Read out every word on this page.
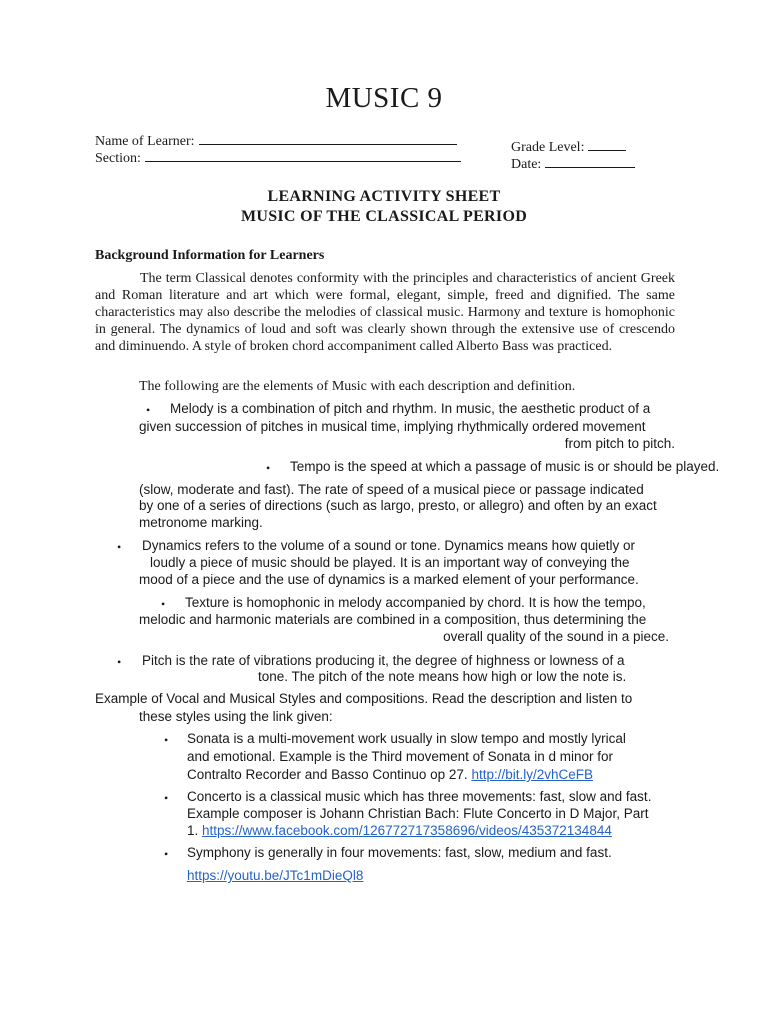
MUSIC 9
Name of Learner:
Section:
Grade Level:
Date:
LEARNING ACTIVITY SHEET
MUSIC OF THE CLASSICAL PERIOD
Background Information for Learners
The term Classical denotes conformity with the principles and characteristics of ancient Greek and Roman literature and art which were formal, elegant, simple, freed and dignified. The same characteristics may also describe the melodies of classical music. Harmony and texture is homophonic in general. The dynamics of loud and soft was clearly shown through the extensive use of crescendo and diminuendo. A style of broken chord accompaniment called Alberto Bass was practiced.
The following are the elements of Music with each description and definition.
• Melody is a combination of pitch and rhythm. In music, the aesthetic product of a
given succession of pitches in musical time, implying rhythmically ordered movement
from pitch to pitch.
• Tempo is the speed at which a passage of music is or should be played.
(slow, moderate and fast). The rate of speed of a musical piece or passage indicated
by one of a series of directions (such as largo, presto, or allegro) and often by an exact
metronome marking.
• Dynamics refers to the volume of a sound or tone. Dynamics means how quietly or
loudly a piece of music should be played. It is an important way of conveying the
mood of a piece and the use of dynamics is a marked element of your performance.
• Texture is homophonic in melody accompanied by chord. It is how the tempo,
melodic and harmonic materials are combined in a composition, thus determining the
overall quality of the sound in a piece.
• Pitch is the rate of vibrations producing it, the degree of highness or lowness of a
tone. The pitch of the note means how high or low the note is.
Example of Vocal and Musical Styles and compositions. Read the description and listen to
these styles using the link given:
• Sonata is a multi-movement work usually in slow tempo and mostly lyrical
and emotional. Example is the Third movement of Sonata in d minor for
Contralto Recorder and Basso Continuo op 27. http://bit.ly/2vhCeFB
• Concerto is a classical music which has three movements: fast, slow and fast.
Example composer is Johann Christian Bach: Flute Concerto in D Major, Part
1. https://www.facebook.com/126772717358696/videos/435372134844
• Symphony is generally in four movements: fast, slow, medium and fast.
https://youtu.be/JTc1mDieQl8
